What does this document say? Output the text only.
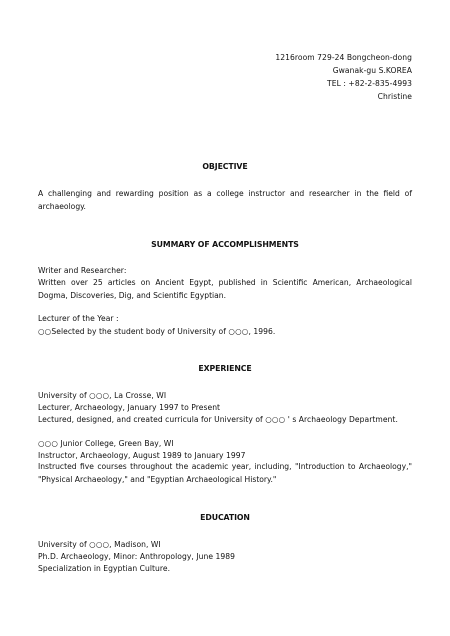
1216room 729-24 Bongcheon-dong
Gwanak-gu S.KOREA
TEL : +82-2-835-4993
Christine
OBJECTIVE
A challenging and rewarding position as a college instructor and researcher in the field of archaeology.
SUMMARY OF ACCOMPLISHMENTS
Writer and Researcher:
Written over 25 articles on Ancient Egypt, published in Scientific American, Archaeological Dogma, Discoveries, Dig, and Scientific Egyptian.
Lecturer of the Year :
○○Selected by the student body of University of ○○○, 1996.
EXPERIENCE
University of ○○○, La Crosse, WI
Lecturer, Archaeology, January 1997 to Present
Lectured, designed, and created curricula for University of ○○○ ' s Archaeology Department.
○○○ Junior College, Green Bay, WI
Instructor, Archaeology, August 1989 to January 1997
Instructed five courses throughout the academic year, including, "Introduction to Archaeology," "Physical Archaeology," and "Egyptian Archaeological History."
EDUCATION
University of ○○○, Madison, WI
Ph.D. Archaeology, Minor: Anthropology, June 1989
Specialization in Egyptian Culture.
